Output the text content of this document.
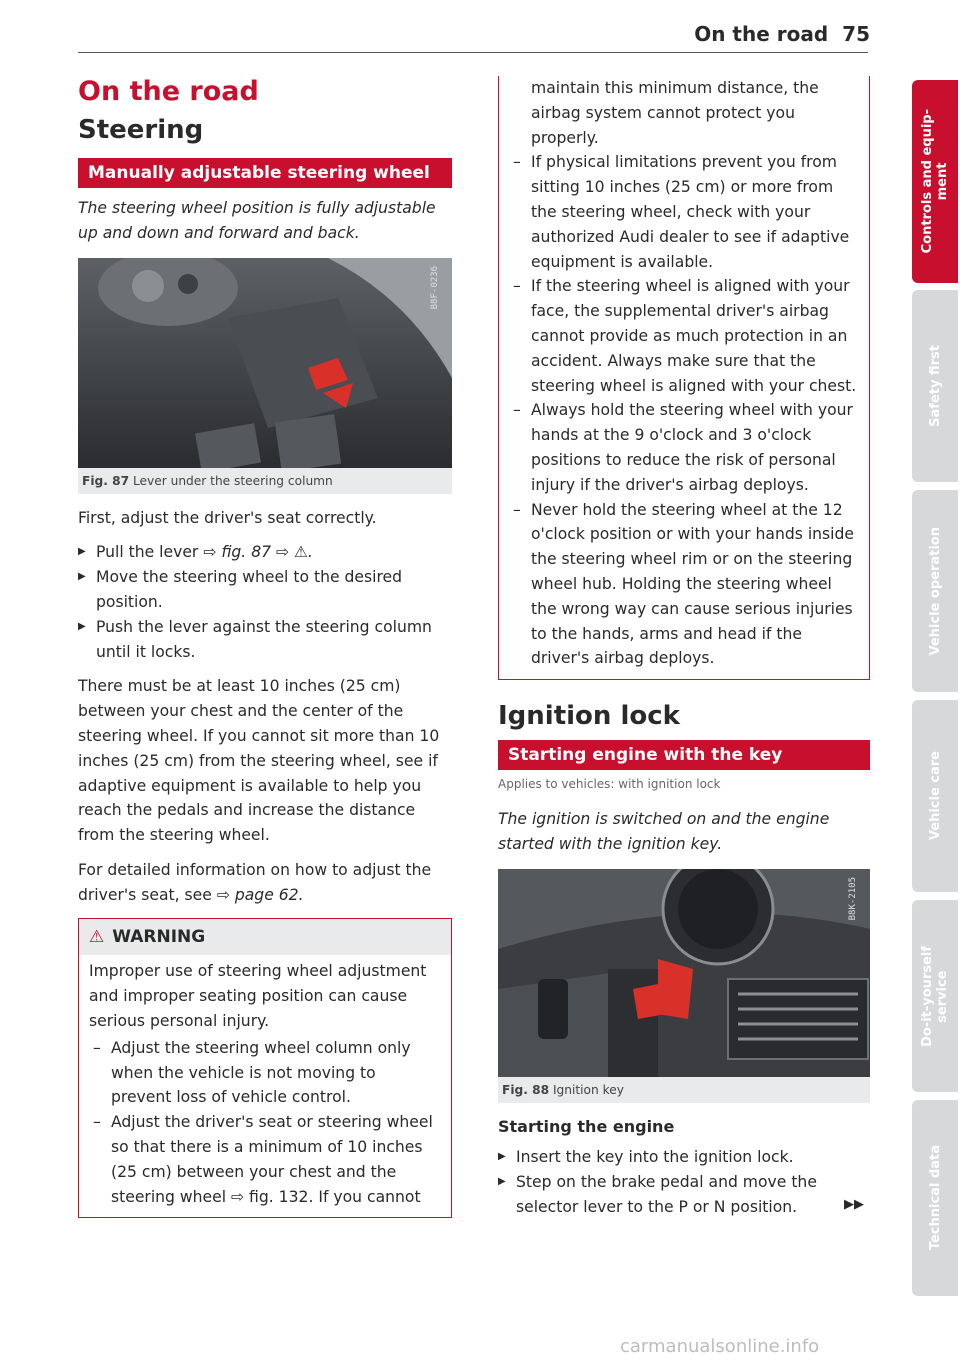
On the road 75
On the road
Steering
Manually adjustable steering wheel

The steering wheel position is fully adjustable up and down and forward and back.

B8F-0236
Fig. 87 Lever under the steering column

First, adjust the driver's seat correctly.

▶ Pull the lever ⇨ fig. 87 ⇨ ⚠.
▶ Move the steering wheel to the desired position.
▶ Push the lever against the steering column until it locks.

There must be at least 10 inches (25 cm) between your chest and the center of the steering wheel. If you cannot sit more than 10 inches (25 cm) from the steering wheel, see if adaptive equipment is available to help you reach the pedals and increase the distance from the steering wheel.

For detailed information on how to adjust the driver's seat, see ⇨ page 62.

⚠ WARNING

Improper use of steering wheel adjustment and improper seating position can cause serious personal injury.

– Adjust the steering wheel column only when the vehicle is not moving to prevent loss of vehicle control.
– Adjust the driver's seat or steering wheel so that there is a minimum of 10 inches (25 cm) between your chest and the steering wheel ⇨ fig. 132. If you cannot

maintain this minimum distance, the airbag system cannot protect you properly.

– If physical limitations prevent you from sitting 10 inches (25 cm) or more from the steering wheel, check with your authorized Audi dealer to see if adaptive equipment is available.
– If the steering wheel is aligned with your face, the supplemental driver's airbag cannot provide as much protection in an accident. Always make sure that the steering wheel is aligned with your chest.
– Always hold the steering wheel with your hands at the 9 o'clock and 3 o'clock positions to reduce the risk of personal injury if the driver's airbag deploys.
– Never hold the steering wheel at the 12 o'clock position or with your hands inside the steering wheel rim or on the steering wheel hub. Holding the steering wheel the wrong way can cause serious injuries to the hands, arms and head if the driver's airbag deploys.
Ignition lock
Starting engine with the key
Applies to vehicles: with ignition lock

The ignition is switched on and the engine started with the ignition key.

B8K-2105
Fig. 88 Ignition key
Starting the engine
▶ Insert the key into the ignition lock.
▶ Step on the brake pedal and move the selector lever to the P or N position.	▶▶
Controls and equip-
ment
Safety first
Vehicle operation
Vehicle care
Do-it-yourself
service
Technical data
carmanualsonline.info
